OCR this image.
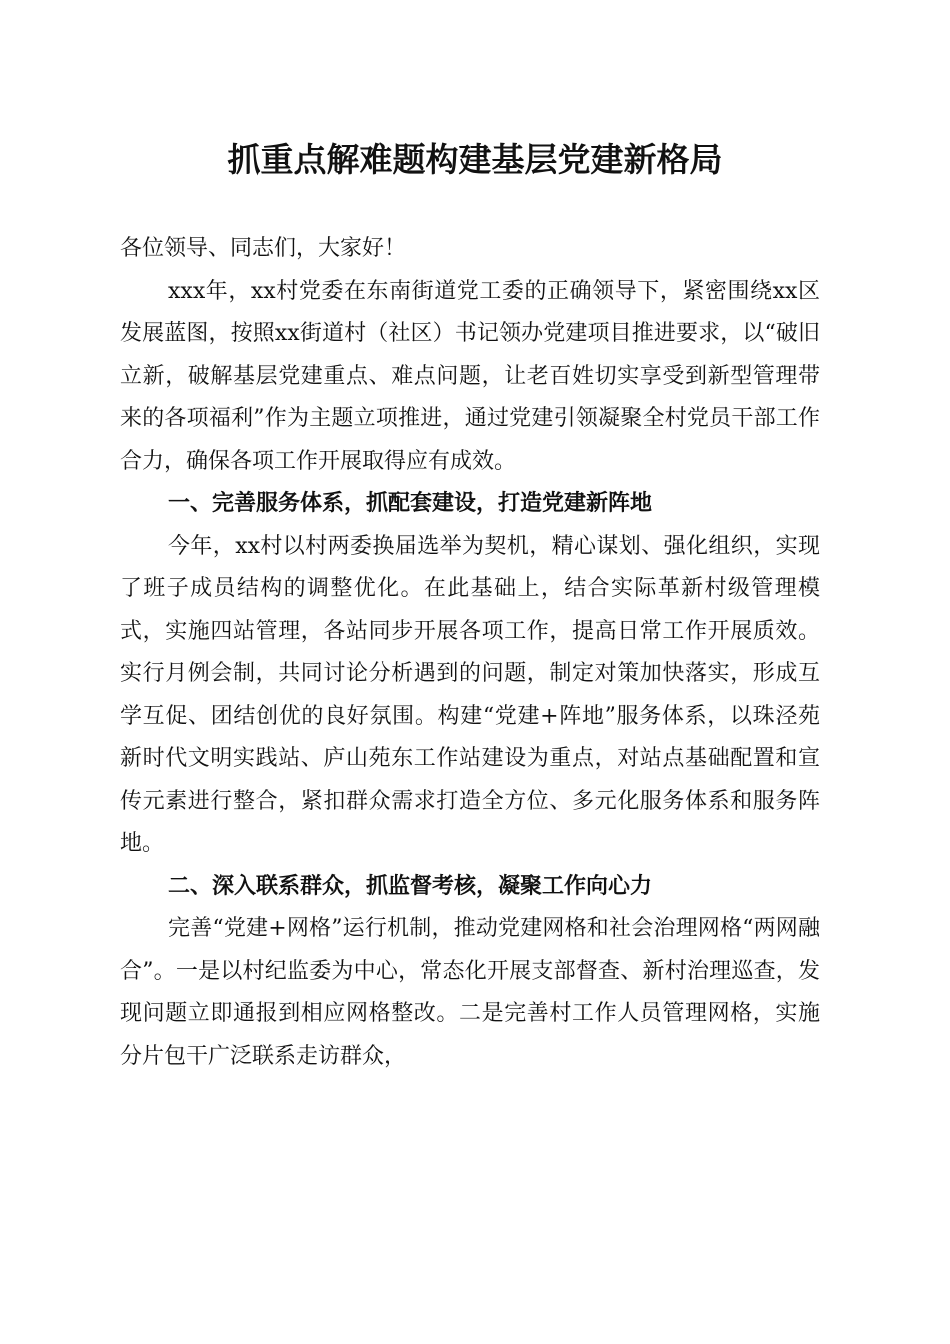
抓重点解难题构建基层党建新格局

各位领导、同志们，大家好！

xxx年，xx村党委在东南街道党工委的正确领导下，紧密围绕xx区发展蓝图，按照xx街道村（社区）书记领办党建项目推进要求，以“破旧立新，破解基层党建重点、难点问题，让老百姓切实享受到新型管理带来的各项福利”作为主题立项推进，通过党建引领凝聚全村党员干部工作合力，确保各项工作开展取得应有成效。

一、完善服务体系，抓配套建设，打造党建新阵地

今年，xx村以村两委换届选举为契机，精心谋划、强化组织，实现了班子成员结构的调整优化。在此基础上，结合实际革新村级管理模式，实施四站管理，各站同步开展各项工作，提高日常工作开展质效。实行月例会制，共同讨论分析遇到的问题，制定对策加快落实，形成互学互促、团结创优的良好氛围。构建“党建+阵地”服务体系，以珠泾苑新时代文明实践站、庐山苑东工作站建设为重点，对站点基础配置和宣传元素进行整合，紧扣群众需求打造全方位、多元化服务体系和服务阵地。

二、深入联系群众，抓监督考核，凝聚工作向心力

完善“党建+网格”运行机制，推动党建网格和社会治理网格“两网融合”。一是以村纪监委为中心，常态化开展支部督查、新村治理巡查，发现问题立即通报到相应网格整改。二是完善村工作人员管理网格，实施分片包干广泛联系走访群众，
